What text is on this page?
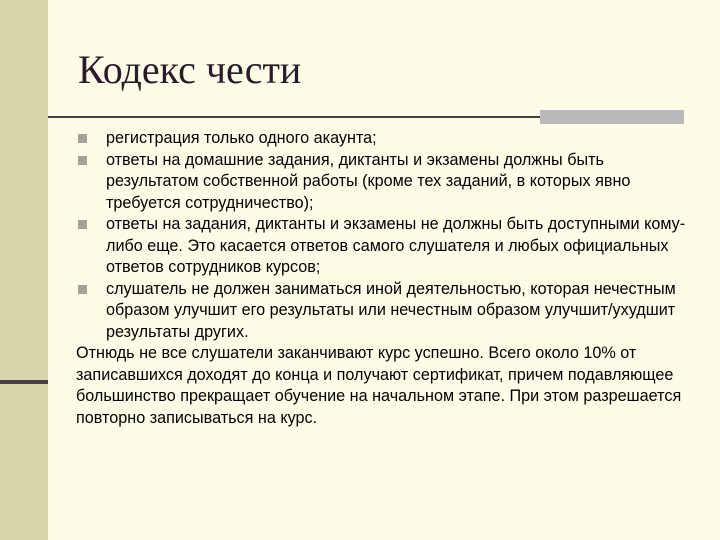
Кодекс чести
регистрация только одного акаунта;
ответы на домашние задания, диктанты и экзамены должны быть результатом собственной работы (кроме тех заданий, в которых явно требуется сотрудничество);
ответы на задания, диктанты и экзамены не должны быть доступными кому-либо еще. Это касается ответов самого слушателя и любых официальных ответов сотрудников курсов;
слушатель не должен заниматься иной деятельностью, которая нечестным образом улучшит его результаты или нечестным образом улучшит/ухудшит результаты других.

Отнюдь не все слушатели заканчивают курс успешно. Всего около 10% от записавшихся доходят до конца и получают сертификат, причем подавляющее большинство прекращает обучение на начальном этапе. При этом разрешается повторно записываться на курс.
